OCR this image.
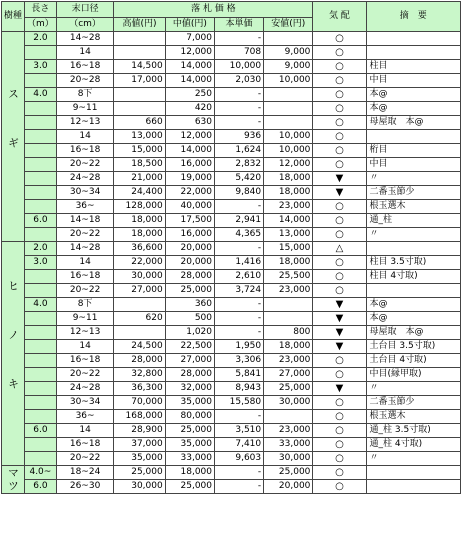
樹種	長さ	末口径	落 札 価 格				気 配	摘　要
	（m）	（cm）	高値(円)	中値(円)	本単価	安値(円)		

スギ	2.0	14~28		7,000	-		○	
		14		12,000	708	9,000	○	
	3.0	16~18	14,500	14,000	10,000	9,000	○	柱目
		20~28	17,000	14,000	2,030	10,000	○	中目
	4.0	8下		250	-		○	本@
		9~11		420	-		○	本@
		12~13	660	630	-		○	母屋取　本@
		14	13,000	12,000	936	10,000	○	
		16~18	15,000	14,000	1,624	10,000	○	桁目
		20~22	18,500	16,000	2,832	12,000	○	中目
		24~28	21,000	19,000	5,420	18,000	▼	〃
		30~34	24,400	22,000	9,840	18,000	▼	二番玉節少
		36~	128,000	40,000	-	23,000	○	根玉選木
	6.0	14~18	18,000	17,500	2,941	14,000	○	通_柱
		20~22	18,000	16,000	4,365	13,000	○	〃

ヒノキ	2.0	14~28	36,600	20,000	-	15,000	△	
	3.0	14	22,000	20,000	1,416	18,000	○	柱目 3.5寸取)
		16~18	30,000	28,000	2,610	25,500	○	柱目 4寸取)
		20~22	27,000	25,000	3,724	23,000	○	
	4.0	8下		360	-		▼	本@
		9~11	620	500	-		▼	本@
		12~13		1,020	-	800	▼	母屋取　本@
		14	24,500	22,500	1,950	18,000	▼	土台目 3.5寸取)
		16~18	28,000	27,000	3,306	23,000	○	土台目 4寸取)
		20~22	32,800	28,000	5,841	27,000	○	中目(縁甲取)
		24~28	36,300	32,000	8,943	25,000	▼	〃
		30~34	70,000	35,000	15,580	30,000	○	二番玉節少
		36~	168,000	80,000	-		○	根玉選木
	6.0	14	28,900	25,000	3,510	23,000	○	通_柱 3.5寸取)
		16~18	37,000	35,000	7,410	33,000	○	通_柱 4寸取)
		20~22	35,000	33,000	9,603	30,000	○	〃

マツ	4.0~	18~24	25,000	18,000	-	25,000	○	
	6.0	26~30	30,000	25,000	-	20,000	○	
